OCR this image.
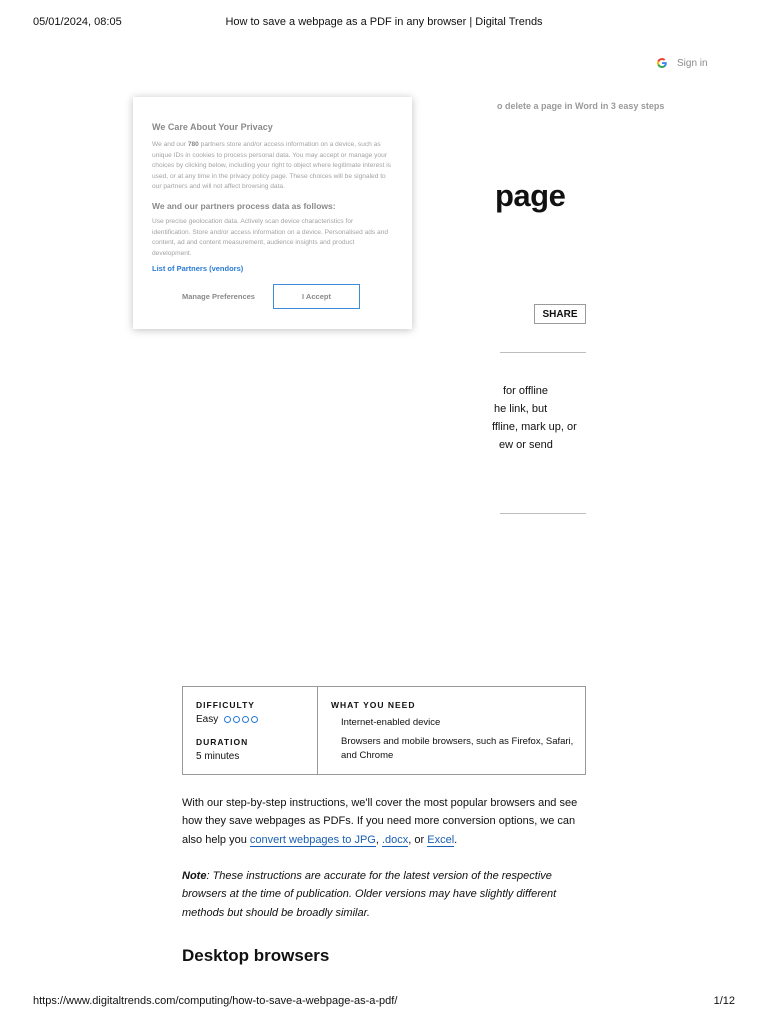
05/01/2024, 08:05	How to save a webpage as a PDF in any browser | Digital Trends
Sign in
o delete a page in Word in 3 easy steps
page
SHARE
for offline
he link, but
ffline, mark up, or
ew or send
We Care About Your Privacy

We and our 780 partners store and/or access information on a device, such as unique IDs in cookies to process personal data. You may accept or manage your choices by clicking below, including your right to object where legitimate interest is used, or at any time in the privacy policy page. These choices will be signaled to our partners and will not affect browsing data.

We and our partners process data as follows:

Use precise geolocation data. Actively scan device characteristics for identification. Store and/or access information on a device. Personalised ads and content, ad and content measurement, audience insights and product development.

List of Partners (vendors)
Manage Preferences	I Accept
DIFFICULTY
Easy
DURATION
5 minutes
WHAT YOU NEED
Internet-enabled device
Browsers and mobile browsers, such as Firefox, Safari, and Chrome

With our step-by-step instructions, we'll cover the most popular browsers and see how they save webpages as PDFs. If you need more conversion options, we can also help you convert webpages to JPG, .docx, or Excel.

Note: These instructions are accurate for the latest version of the respective browsers at the time of publication. Older versions may have slightly different methods but should be broadly similar.

Desktop browsers
https://www.digitaltrends.com/computing/how-to-save-a-webpage-as-a-pdf/	1/12
